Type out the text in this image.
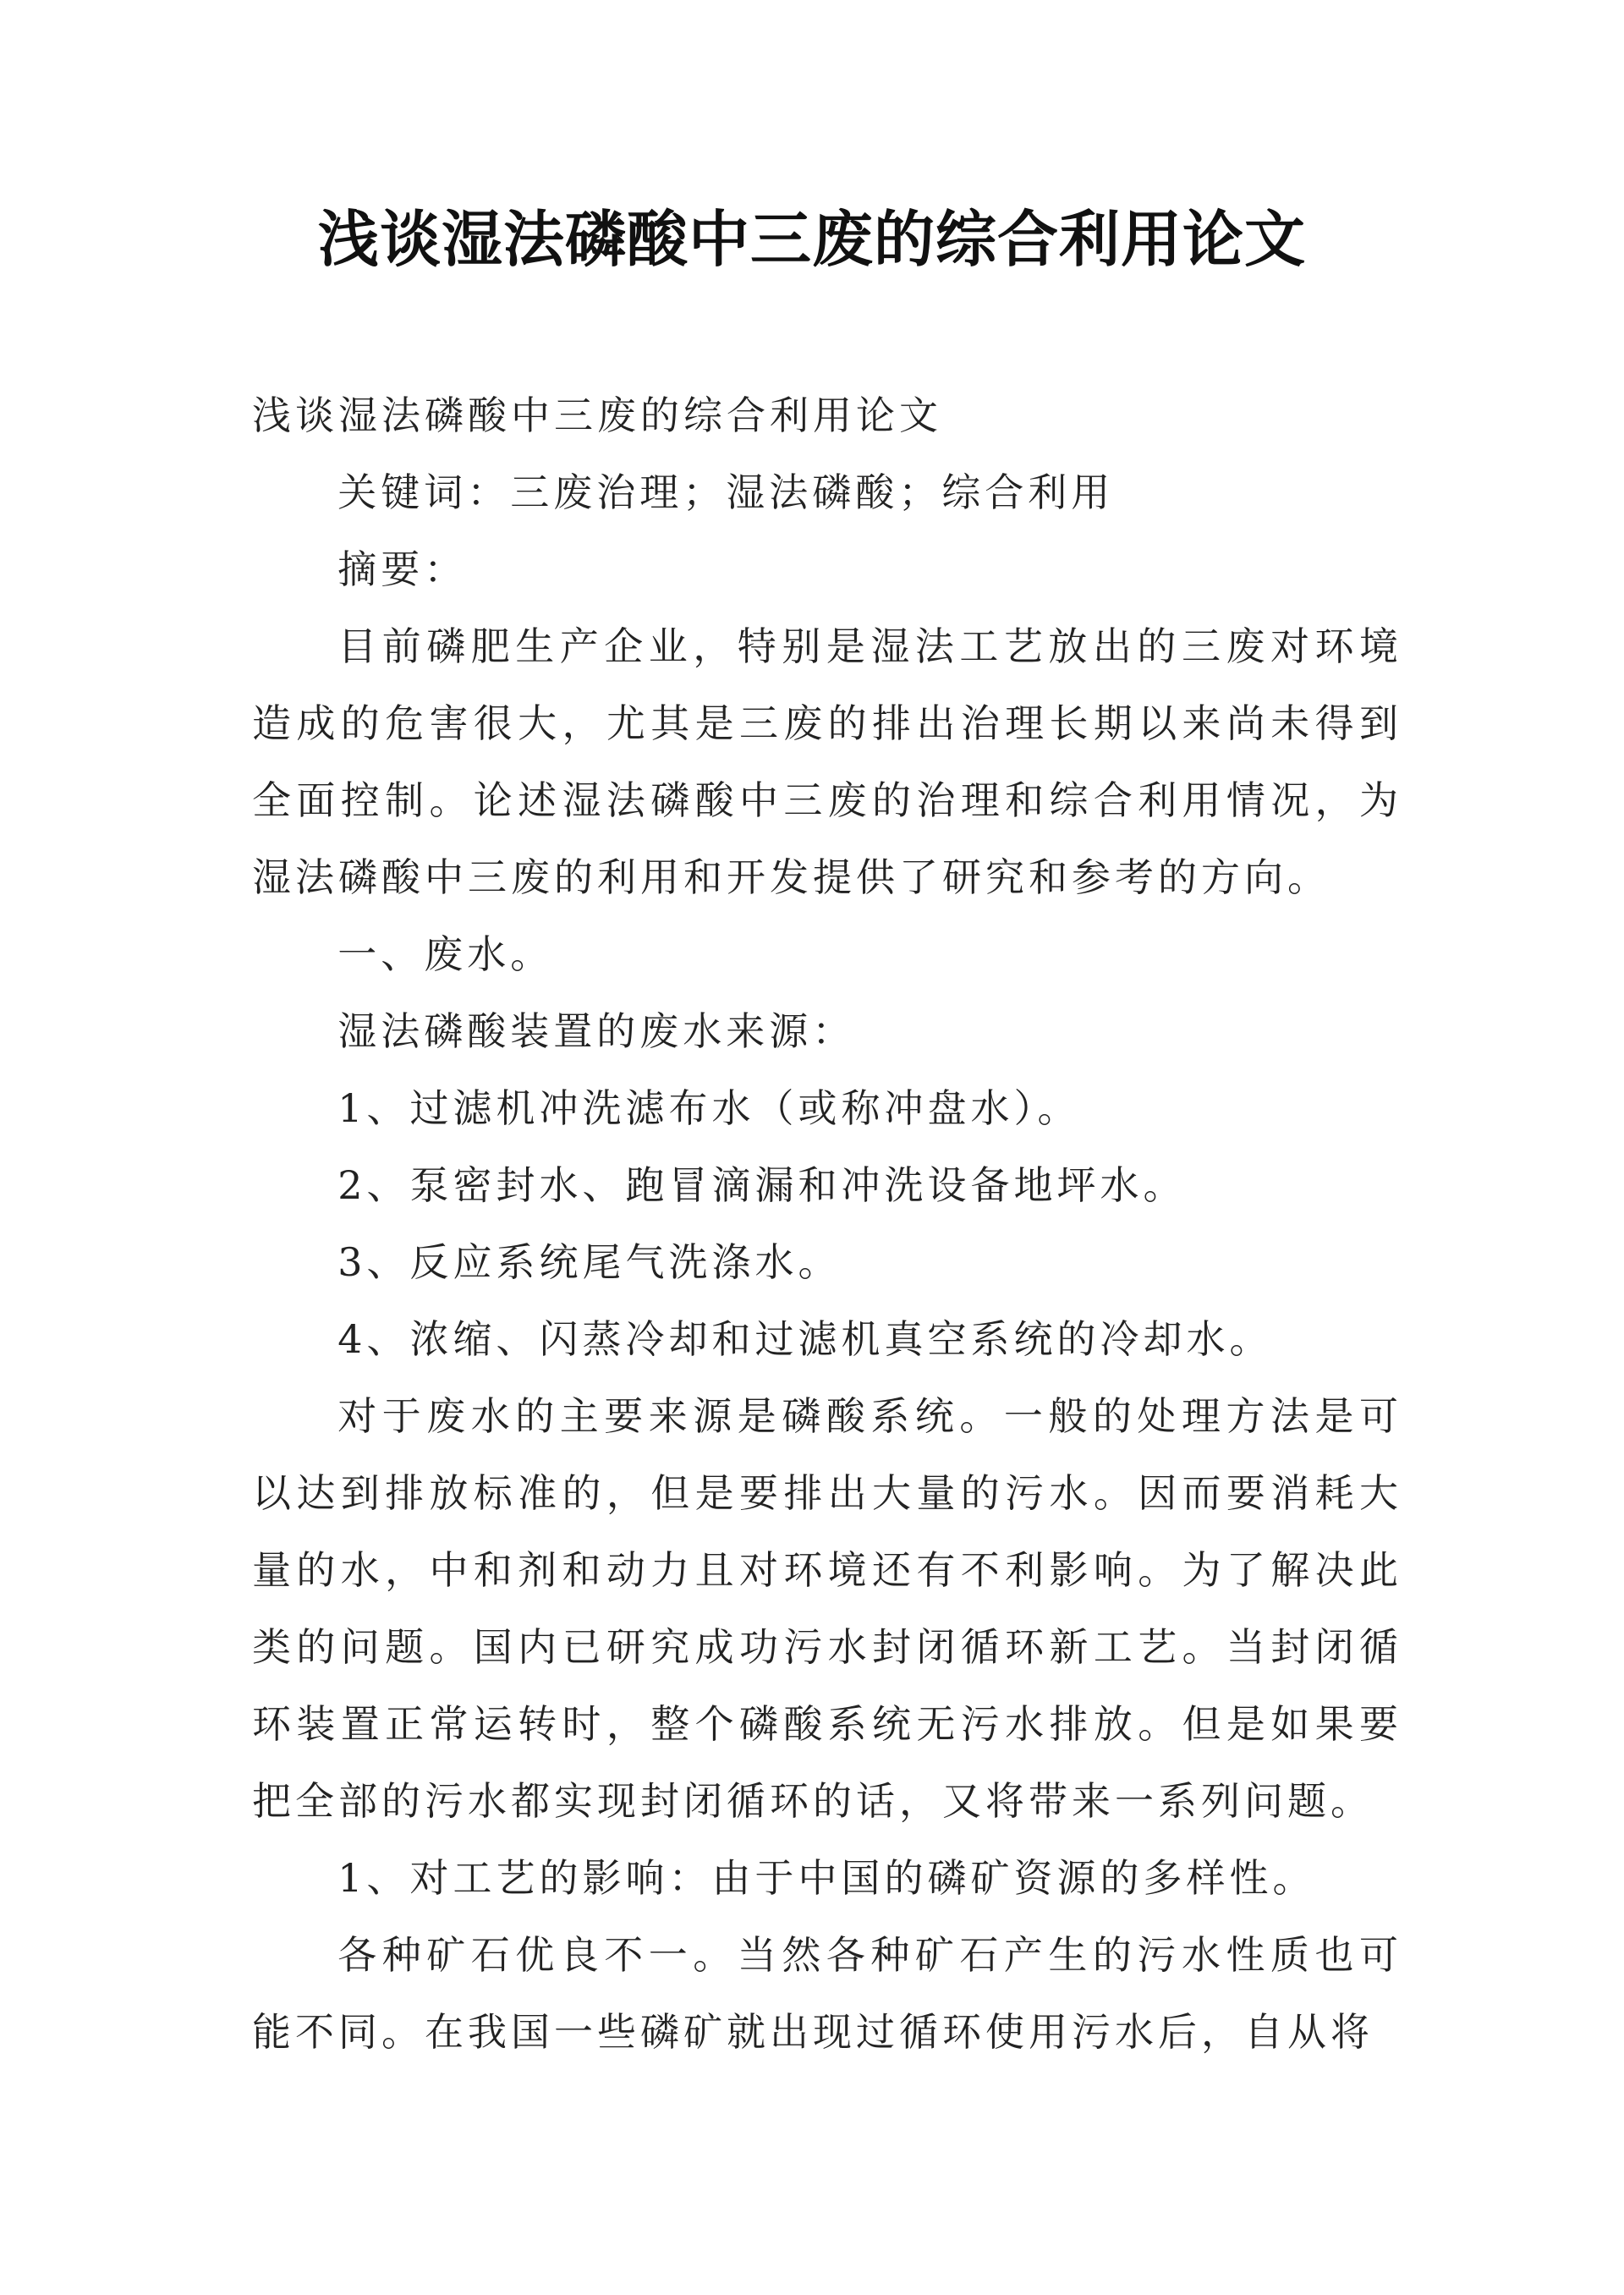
浅谈湿法磷酸中三废的综合利用论文

浅谈湿法磷酸中三废的综合利用论文

关键词：三废治理；湿法磷酸；综合利用

摘要：

目前磷肥生产企业，特别是湿法工艺放出的三废对环境造成的危害很大，尤其是三废的排出治理长期以来尚未得到全面控制。论述湿法磷酸中三废的治理和综合利用情况，为湿法磷酸中三废的利用和开发提供了研究和参考的方向。

一、废水。

湿法磷酸装置的废水来源：

1、过滤机冲洗滤布水（或称冲盘水）。

2、泵密封水、跑冒滴漏和冲洗设备地坪水。

3、反应系统尾气洗涤水。

4、浓缩、闪蒸冷却和过滤机真空系统的冷却水。

对于废水的主要来源是磷酸系统。一般的处理方法是可以达到排放标准的，但是要排出大量的污水。因而要消耗大量的水，中和剂和动力且对环境还有不利影响。为了解决此类的问题。国内已研究成功污水封闭循环新工艺。当封闭循环装置正常运转时，整个磷酸系统无污水排放。但是如果要把全部的污水都实现封闭循环的话，又将带来一系列问题。

1、对工艺的影响：由于中国的磷矿资源的多样性。

各种矿石优良不一。当然各种矿石产生的污水性质也可能不同。在我国一些磷矿就出现过循环使用污水后，自从将
